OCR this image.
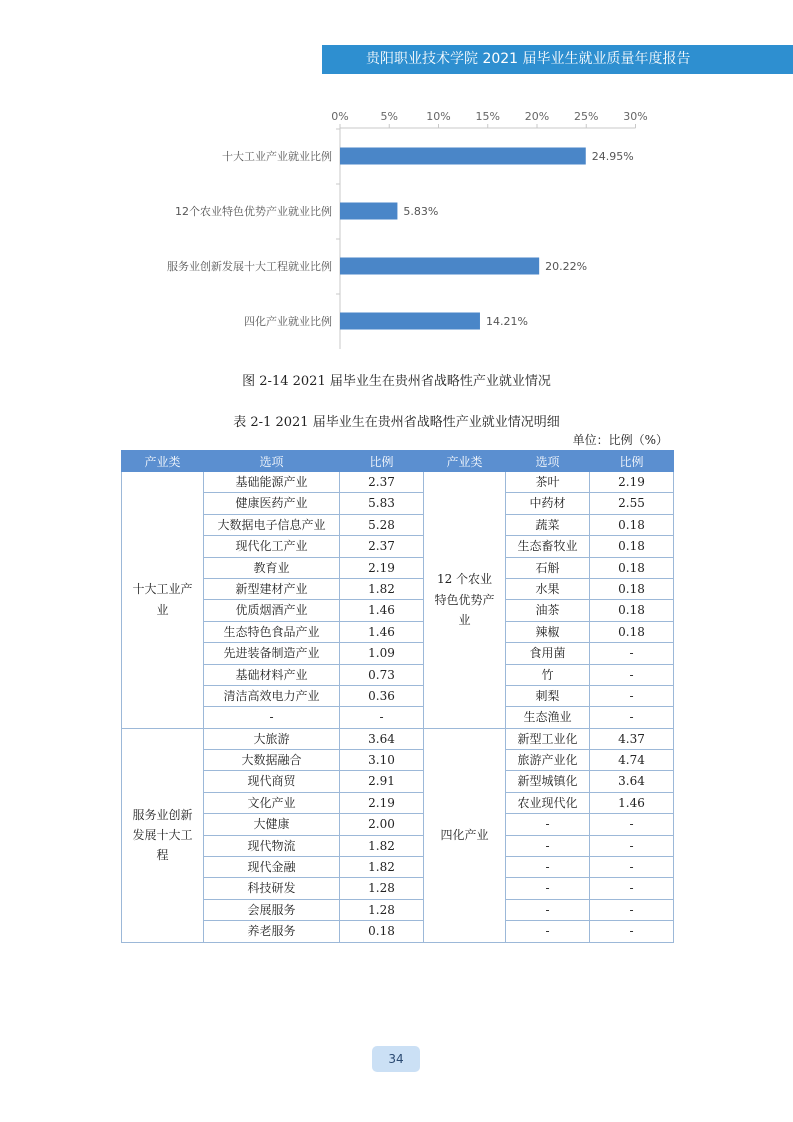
贵阳职业技术学院 2021 届毕业生就业质量年度报告
0%	5%	10% 15% 20% 25% 30%
十大工业产业就业比例	24.95%
12个农业特色优势产业就业比例	5.83%
服务业创新发展十大工程就业比例	20.22%
四化产业就业比例	14.21%
图 2-14 2021 届毕业生在贵州省战略性产业就业情况
表 2-1 2021 届毕业生在贵州省战略性产业就业情况明细
单位：比例（%）
产业类	选项	比例	产业类	选项	比例
十大工业产业	基础能源产业	2.37	12 个农业特色优势产业	茶叶	2.19
	健康医药产业	5.83		中药材	2.55
	大数据电子信息产业	5.28		蔬菜	0.18
	现代化工产业	2.37		生态畜牧业	0.18
	教育业	2.19		石斛	0.18
	新型建材产业	1.82		水果	0.18
	优质烟酒产业	1.46		油茶	0.18
	生态特色食品产业	1.46		辣椒	0.18
	先进装备制造产业	1.09		食用菌	-
	基础材料产业	0.73		竹	-
	清洁高效电力产业	0.36		刺梨	-
	-	-		生态渔业	-
服务业创新发展十大工程	大旅游	3.64	四化产业	新型工业化	4.37
	大数据融合	3.10		旅游产业化	4.74
	现代商贸	2.91		新型城镇化	3.64
	文化产业	2.19		农业现代化	1.46
	大健康	2.00		-	-
	现代物流	1.82		-	-
	现代金融	1.82		-	-
	科技研发	1.28		-	-
	会展服务	1.28		-	-
	养老服务	0.18		-	-
34
